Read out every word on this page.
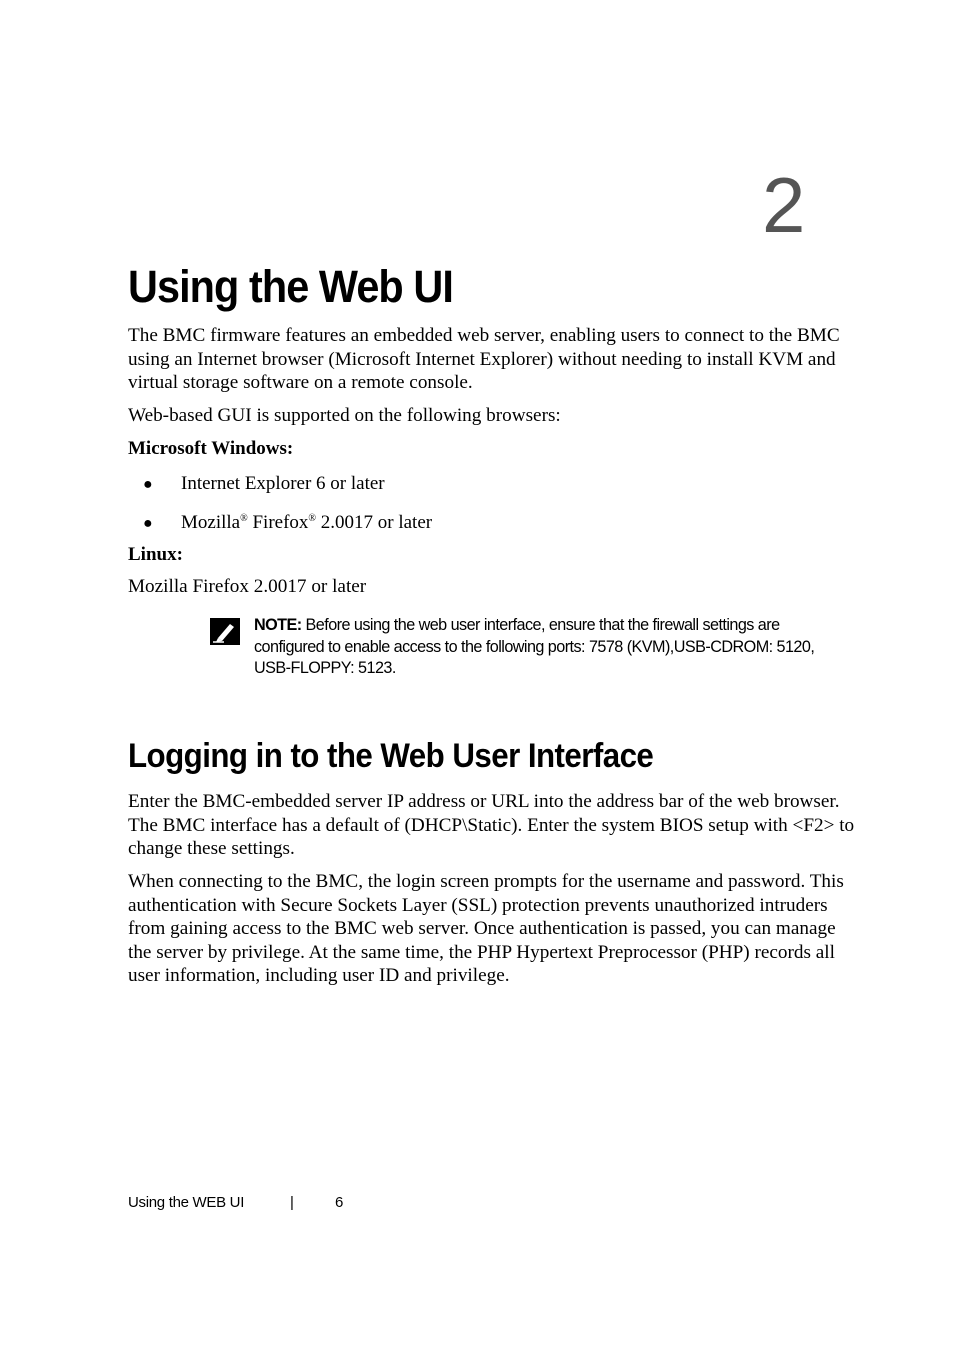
2
Using the Web UI

The BMC firmware features an embedded web server, enabling users to connect to the BMC using an Internet browser (Microsoft Internet Explorer) without needing to install KVM and virtual storage software on a remote console.

Web-based GUI is supported on the following browsers:

Microsoft Windows:

● Internet Explorer 6 or later
● Mozilla® Firefox® 2.0017 or later

Linux:

Mozilla Firefox 2.0017 or later

NOTE: Before using the web user interface, ensure that the firewall settings are configured to enable access to the following ports: 7578 (KVM),USB-CDROM: 5120, USB-FLOPPY: 5123.
Logging in to the Web User Interface

Enter the BMC-embedded server IP address or URL into the address bar of the web browser. The BMC interface has a default of (DHCP\Static). Enter the system BIOS setup with <F2> to change these settings.

When connecting to the BMC, the login screen prompts for the username and password. This authentication with Secure Sockets Layer (SSL) protection prevents unauthorized intruders from gaining access to the BMC web server. Once authentication is passed, you can manage the server by privilege. At the same time, the PHP Hypertext Preprocessor (PHP) records all user information, including user ID and privilege.

Using the WEB UI	|	6
